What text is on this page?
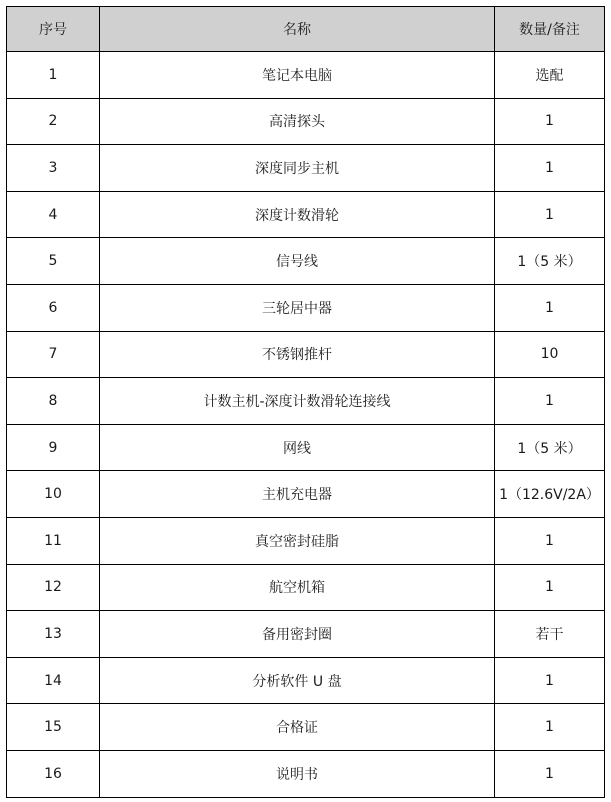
序号	名称	数量/备注
1	笔记本电脑	选配
2	高清探头	1
3	深度同步主机	1
4	深度计数滑轮	1
5	信号线	1（5 米）
6	三轮居中器	1
7	不锈钢推杆	10
8	计数主机-深度计数滑轮连接线	1
9	网线	1（5 米）
10	主机充电器	1（12.6V/2A）
11	真空密封硅脂	1
12	航空机箱	1
13	备用密封圈	若干
14	分析软件 U 盘	1
15	合格证	1
16	说明书	1
